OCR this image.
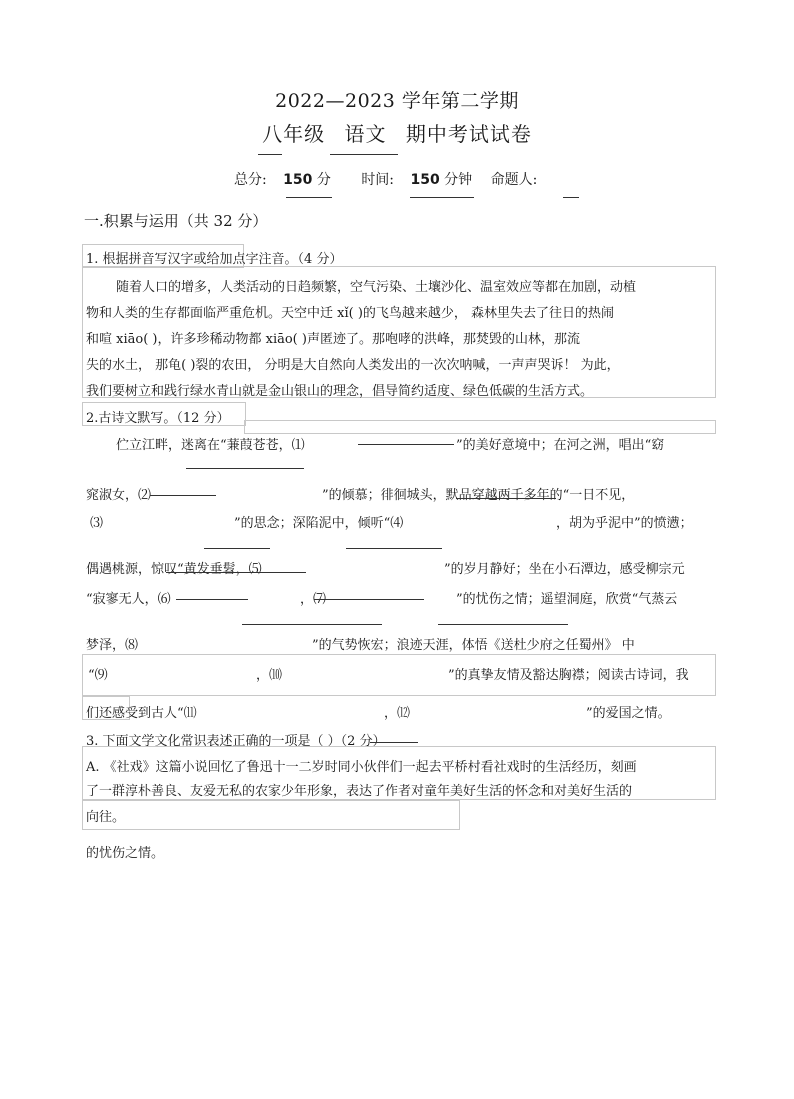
2022—2023 学年第二学期
八年级 语文 期中考试试卷
总分: 150 分 时间: 150 分钟 命题人:
一.积累与运用（共 32 分）
1. 根据拼音写汉字或给加点字注音。（4 分）
随着人口的增多，人类活动的日趋频繁，空气污染、土壤沙化、温室效应等都在加剧，动植
物和人类的生存都面临严重危机。天空中迁 xǐ( )的飞鸟越来越少， 森林里失去了往日的热闹
和喧 xiāo( )，许多珍稀动物都 xiāo( )声匿迹了。那咆哮的洪峰，那焚毁的山林，那流
失的水土， 那龟( )裂的农田， 分明是大自然向人类发出的一次次呐喊，一声声哭诉！ 为此，
我们要树立和践行绿水青山就是金山银山的理念，倡导简约适度、绿色低碳的生活方式。
2.古诗文默写。（12 分）
伫立江畔，迷离在“蒹葭苍苍，⑴	”的美好意境中；在河之洲，唱出“窈
窕淑女，⑵	”的倾慕；徘徊城头，默品穿越两千多年的“一日不见，
⑶	”的思念；深陷泥中，倾听“⑷	，胡为乎泥中”的愤懑；
偶遇桃源，惊叹“黄发垂髫，⑸	”的岁月静好；坐在小石潭边，感受柳宗元
“寂寥无人，⑹	，⑺	”的忧伤之情；遥望洞庭，欣赏“气蒸云
梦泽，⑻	”的气势恢宏；浪迹天涯，体悟《送杜少府之任蜀州》 中
“⑼	，⑽	”的真挚友情及豁达胸襟；阅读古诗词，我
们还感受到古人“⑾	，⑿	”的爱国之情。
3. 下面文学文化常识表述正确的一项是（ ）（2 分）
A. 《社戏》这篇小说回忆了鲁迅十一二岁时同小伙伴们一起去平桥村看社戏时的生活经历，刻画
了一群淳朴善良、友爱无私的农家少年形象，表达了作者对童年美好生活的怀念和对美好生活的
向往。
的忧伤之情。
